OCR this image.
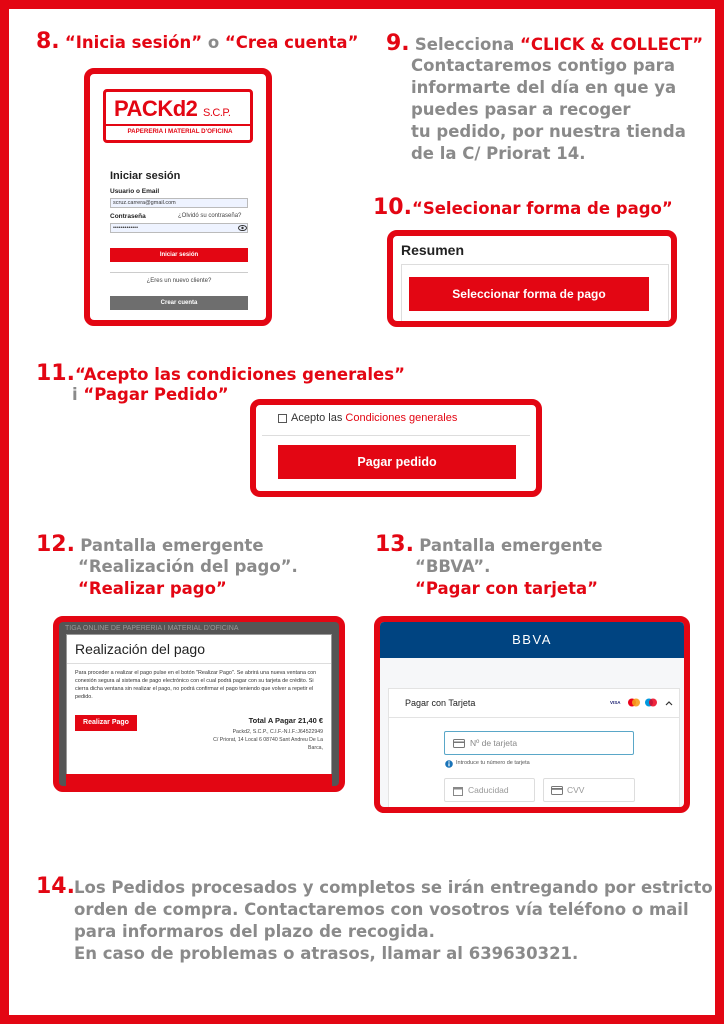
8. “Inicia sesión” o “Crea cuenta”
PACKd2 S.C.P.
PAPERERIA I MATERIAL D'OFICINA
Iniciar sesión
Usuario o Email
scruz.carrera@gmail.com
Contraseña	¿Olvidó su contraseña?
•••••••••••••
Iniciar sesión
¿Eres un nuevo cliente?
Crear cuenta
9. Selecciona “CLICK & COLLECT”
Contactaremos contigo para
informarte del día en que ya
puedes pasar a recoger
tu pedido, por nuestra tienda
de la C/ Priorat 14.
10.“Selecionar forma de pago”
Resumen
Seleccionar forma de pago
11.“Acepto las condiciones generales”
i “Pagar Pedido”
Acepto las Condiciones generales
Pagar pedido
12. Pantalla emergente
“Realización del pago”.
“Realizar pago”
TIGA ONLINE DE PAPERERIA I MATERIAL D'OFICINA
Realización del pago
Para proceder a realizar el pago pulse en el botón "Realizar Pago". Se abrirá una nueva ventana con conexión segura al sistema de pago electrónico con el cual podrá pagar con su tarjeta de crédito. Si cierra dicha ventana sin realizar el pago, no podrá confirmar el pago teniendo que volver a repetir el pedido.
Realizar Pago	Total A Pagar 21,40 €
Packd2, S.C.P., C.I.F.-N.I.F.:J64522949
C/ Priorat, 14 Local 6 08740 Sant Andreu De La
Barca,
13. Pantalla emergente
“BBVA”.
“Pagar con tarjeta”
BBVA
Pagar con Tarjeta	VISA
Nº de tarjeta
Introduce tu número de tarjeta
Caducidad	CVV
14. Los Pedidos procesados y completos se irán entregando por estricto
orden de compra. Contactaremos con vosotros vía teléfono o mail
para informaros del plazo de recogida.
En caso de problemas o atrasos, llamar al 639630321.
